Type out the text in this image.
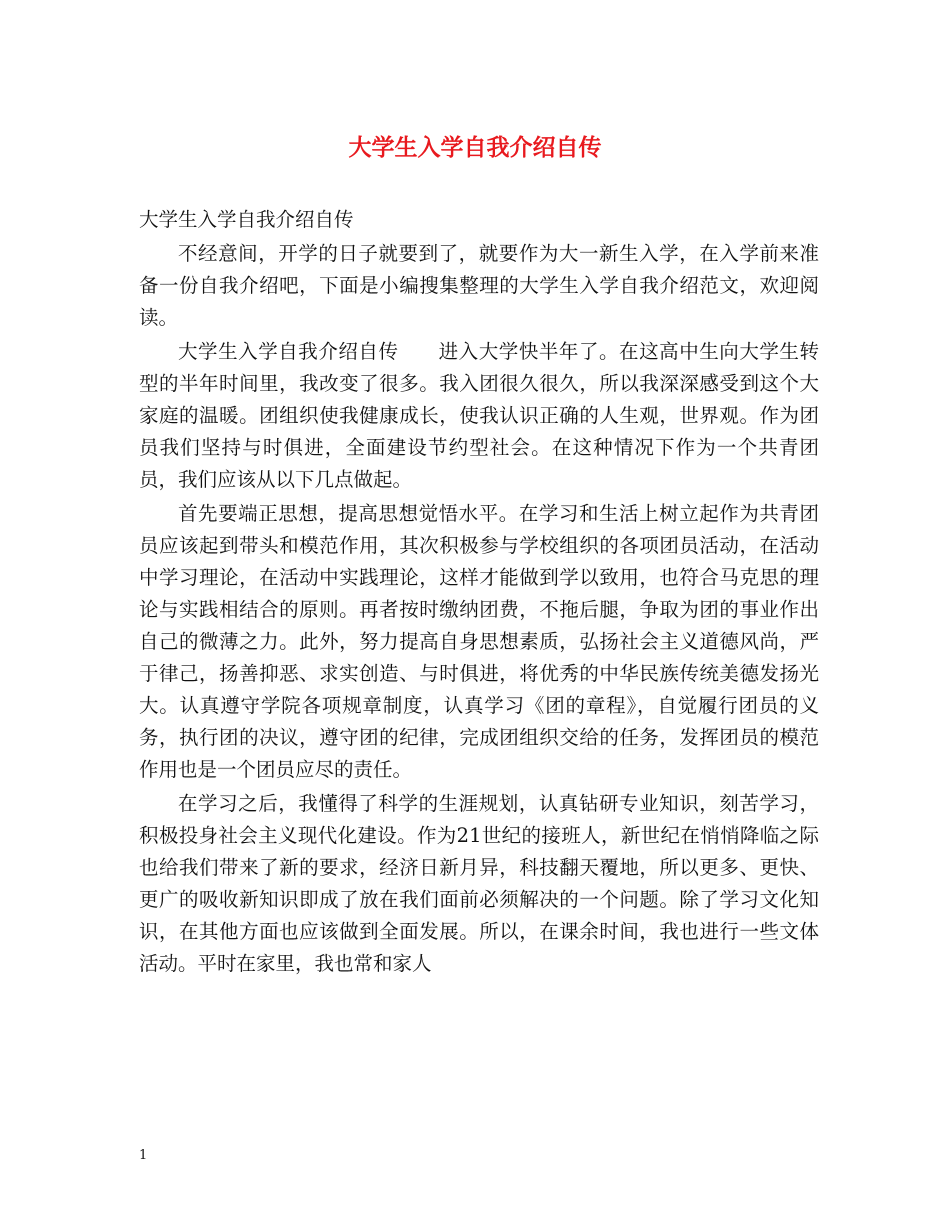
大学生入学自我介绍自传

大学生入学自我介绍自传

不经意间，开学的日子就要到了，就要作为大一新生入学，在入学前来准备一份自我介绍吧，下面是小编搜集整理的大学生入学自我介绍范文，欢迎阅读。

大学生入学自我介绍自传　　进入大学快半年了。在这高中生向大学生转型的半年时间里，我改变了很多。我入团很久很久，所以我深深感受到这个大家庭的温暖。团组织使我健康成长，使我认识正确的人生观，世界观。作为团员我们坚持与时俱进，全面建设节约型社会。在这种情况下作为一个共青团员，我们应该从以下几点做起。

首先要端正思想，提高思想觉悟水平。在学习和生活上树立起作为共青团员应该起到带头和模范作用，其次积极参与学校组织的各项团员活动，在活动中学习理论，在活动中实践理论，这样才能做到学以致用，也符合马克思的理论与实践相结合的原则。再者按时缴纳团费，不拖后腿，争取为团的事业作出自己的微薄之力。此外，努力提高自身思想素质，弘扬社会主义道德风尚，严于律己，扬善抑恶、求实创造、与时俱进，将优秀的中华民族传统美德发扬光大。认真遵守学院各项规章制度，认真学习《团的章程》，自觉履行团员的义务，执行团的决议，遵守团的纪律，完成团组织交给的任务，发挥团员的模范作用也是一个团员应尽的责任。

在学习之后，我懂得了科学的生涯规划，认真钻研专业知识，刻苦学习，积极投身社会主义现代化建设。作为21世纪的接班人，新世纪在悄悄降临之际也给我们带来了新的要求，经济日新月异，科技翻天覆地，所以更多、更快、更广的吸收新知识即成了放在我们面前必须解决的一个问题。除了学习文化知识，在其他方面也应该做到全面发展。所以，在课余时间，我也进行一些文体活动。平时在家里，我也常和家人

1
